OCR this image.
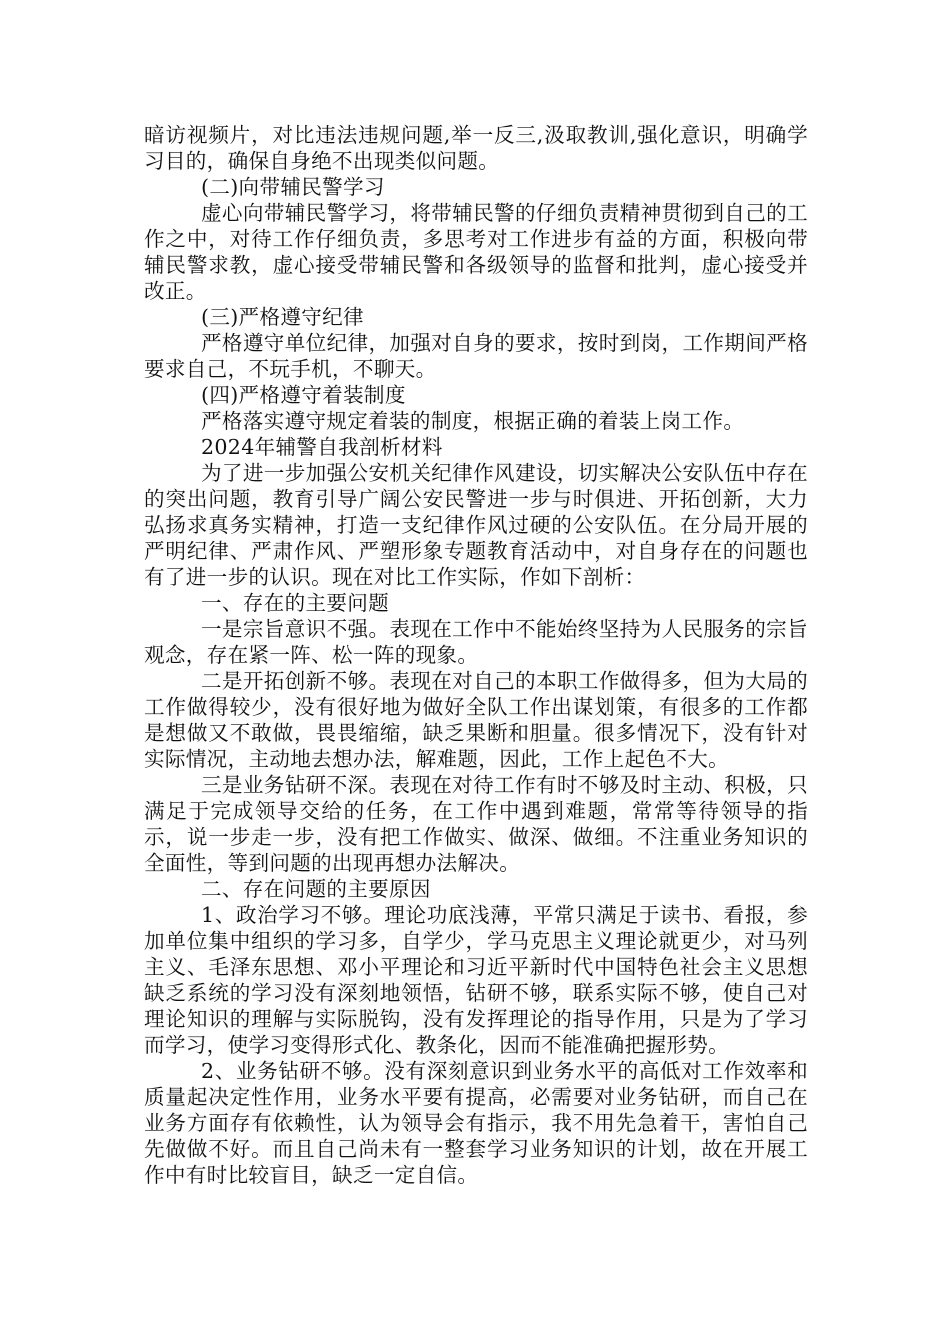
暗访视频片，对比违法违规问题,举一反三,汲取教训,强化意识，明确学习目的，确保自身绝不出现类似问题。

(二)向带辅民警学习

虚心向带辅民警学习，将带辅民警的仔细负责精神贯彻到自己的工作之中，对待工作仔细负责，多思考对工作进步有益的方面，积极向带辅民警求教，虚心接受带辅民警和各级领导的监督和批判，虚心接受并改正。

(三)严格遵守纪律

严格遵守单位纪律，加强对自身的要求，按时到岗，工作期间严格要求自己，不玩手机，不聊天。

(四)严格遵守着装制度

严格落实遵守规定着装的制度，根据正确的着装上岗工作。

2024年辅警自我剖析材料

为了进一步加强公安机关纪律作风建设，切实解决公安队伍中存在的突出问题，教育引导广阔公安民警进一步与时俱进、开拓创新，大力弘扬求真务实精神，打造一支纪律作风过硬的公安队伍。在分局开展的严明纪律、严肃作风、严塑形象专题教育活动中，对自身存在的问题也有了进一步的认识。现在对比工作实际，作如下剖析：

一、存在的主要问题

一是宗旨意识不强。表现在工作中不能始终坚持为人民服务的宗旨观念，存在紧一阵、松一阵的现象。

二是开拓创新不够。表现在对自己的本职工作做得多，但为大局的工作做得较少，没有很好地为做好全队工作出谋划策，有很多的工作都是想做又不敢做，畏畏缩缩，缺乏果断和胆量。很多情况下，没有针对实际情况，主动地去想办法，解难题，因此，工作上起色不大。

三是业务钻研不深。表现在对待工作有时不够及时主动、积极，只满足于完成领导交给的任务，在工作中遇到难题，常常等待领导的指示，说一步走一步，没有把工作做实、做深、做细。不注重业务知识的全面性，等到问题的出现再想办法解决。

二、存在问题的主要原因

1、政治学习不够。理论功底浅薄，平常只满足于读书、看报，参加单位集中组织的学习多，自学少，学马克思主义理论就更少，对马列主义、毛泽东思想、邓小平理论和习近平新时代中国特色社会主义思想缺乏系统的学习没有深刻地领悟，钻研不够，联系实际不够，使自己对理论知识的理解与实际脱钩，没有发挥理论的指导作用，只是为了学习而学习，使学习变得形式化、教条化，因而不能准确把握形势。

2、业务钻研不够。没有深刻意识到业务水平的高低对工作效率和质量起决定性作用，业务水平要有提高，必需要对业务钻研，而自己在业务方面存有依赖性，认为领导会有指示，我不用先急着干，害怕自己先做做不好。而且自己尚未有一整套学习业务知识的计划，故在开展工作中有时比较盲目，缺乏一定自信。
